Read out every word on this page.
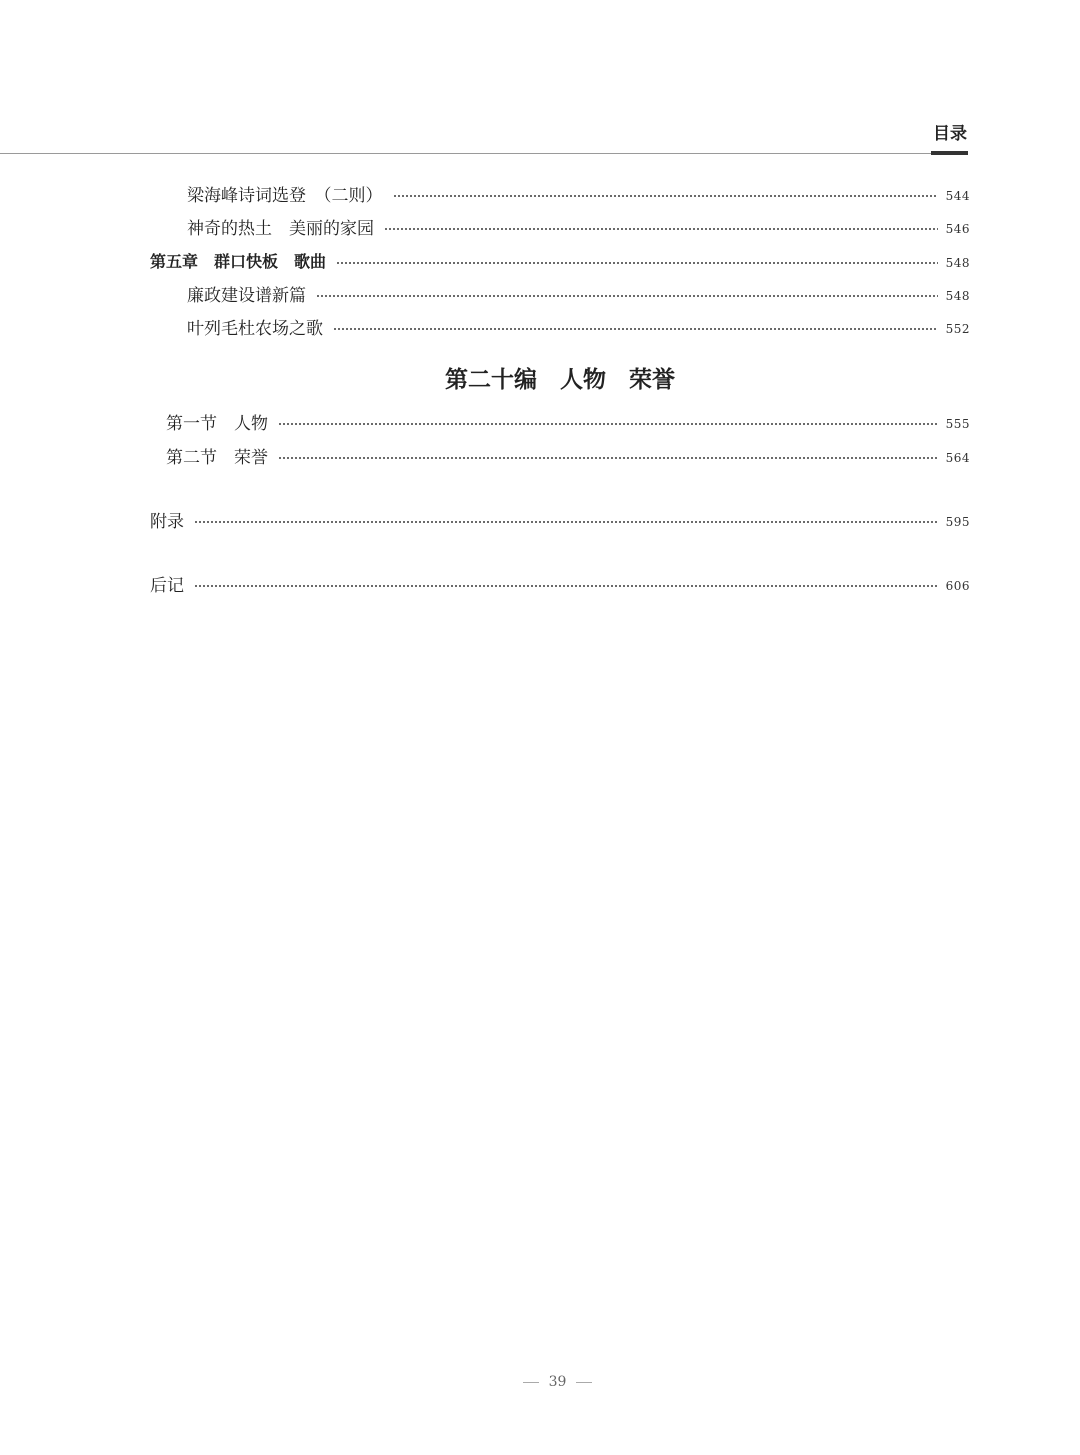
目录
梁海峰诗词选登　（二则）	544
神奇的热土　美丽的家园	546
第五章　群口快板　歌曲	548
廉政建设谱新篇	548
叶列毛杜农场之歌	552
第二十编　人物　荣誉
第一节　人物	555
第二节　荣誉	564
附录	595
后记	606
39
